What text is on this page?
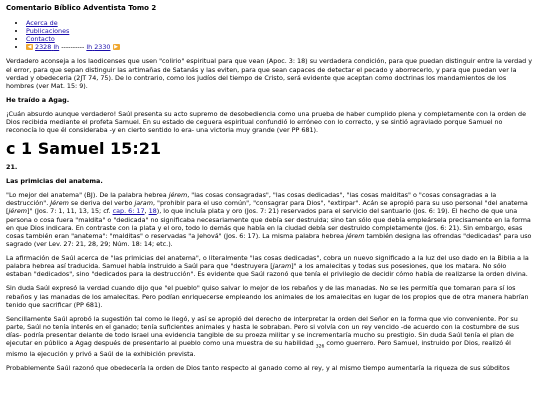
Comentario Bíblico Adventista Tomo 2
• Acerca de
• Publicaciones
• Contacto
• ◀ 2328 lh ---------- lh 2330 ▶

Verdadero aconseja a los laodicenses que usen "colirio" espiritual para que vean (Apoc. 3: 18) su verdadera condición, para que puedan distinguir entre la verdad y el error, para que sepan distinguir las artimañas de Satanás y las eviten, para que sean capaces de detectar el pecado y aborrecerlo, y para que puedan ver la verdad y obedecerla (2JT 74, 75). De lo contrario, como los judíos del tiempo de Cristo, será evidente que aceptan como doctrinas los mandamientos de los hombres (ver Mat. 15: 9).

He traído a Agag.

¡Cuán absurdo aunque verdadero! Saúl presenta su acto supremo de desobediencia como una prueba de haber cumplido plena y completamente con la orden de Dios recibida mediante el profeta Samuel. En su estado de ceguera espiritual confundió lo erróneo con lo correcto, y se sintió agraviado porque Samuel no reconocía lo que él consideraba -y en cierto sentido lo era- una victoria muy grande (ver PP 681).

c 1 Samuel 15:21
21.
Las primicias del anatema.

"Lo mejor del anatema" (BJ). De la palabra hebrea jérem, "las cosas consagradas", "las cosas dedicadas", "las cosas malditas" o "cosas consagradas a la destrucción". Jérem se deriva del verbo jaram, "prohibir para el uso común", "consagrar para Dios", "extirpar". Acán se apropió para su uso personal "del anatema [jérem]" (Jos. 7: 1, 11, 13, 15; cf. cap. 6: 17, 18), lo que incluía plata y oro (Jos. 7: 21) reservados para el servicio del santuario (Jos. 6: 19). El hecho de que una persona o cosa fuera "maldita" o "dedicada" no significaba necesariamente que debía ser destruida; sino tan sólo que debía empleársela precisamente en la forma en que Dios indicara. En contraste con la plata y el oro, todo lo demás que había en la ciudad debía ser destruido completamente (Jos. 6: 21). Sin embargo, esas cosas también eran "anatema": "malditas" o reservadas "a Jehová" (Jos. 6: 17). La misma palabra hebrea jérem también designa las ofrendas "dedicadas" para uso sagrado (ver Lev. 27: 21, 28, 29; Núm. 18: 14; etc.).

La afirmación de Saúl acerca de "las primicias del anatema", o literalmente "las cosas dedicadas", cobra un nuevo significado a la luz del uso dado en la Biblia a la palabra hebrea así traducida. Samuel había instruido a Saúl para que "destruyera [jaram]" a los amalecitas y todas sus posesiones, que los matara. No sólo estaban "dedicados", sino "dedicados para la destrucción". Es evidente que Saúl razonó que tenía el privilegio de decidir cómo había de realizarse la orden divina.

Sin duda Saúl expresó la verdad cuando dijo que "el pueblo" quiso salvar lo mejor de los rebaños y de las manadas. No se les permitía que tomaran para sí los rebaños y las manadas de los amalecitas. Pero podían enriquecerse empleando los animales de los amalecitas en lugar de los propios que de otra manera habrían tenido que sacrificar (PP 681).

Sencillamente Saúl aprobó la sugestión tal como le llegó, y así se apropió del derecho de interpretar la orden del Señor en la forma que vio conveniente. Por su parte, Saúl no tenía interés en el ganado; tenía suficientes animales y hasta le sobraban. Pero si volvía con un rey vencido -de acuerdo con la costumbre de sus días- podría presentar delante de todo Israel una evidencia tangible de su proeza militar y se incrementaría mucho su prestigio. Sin duda Saúl tenía el plan de ejecutar en público a Agag después de presentarlo al pueblo como una muestra de su habilidad $_{326}$ como guerrero. Pero Samuel, instruido por Dios, realizó él mismo la ejecución y privó a Saúl de la exhibición prevista.

Probablemente Saúl razonó que obedecería la orden de Dios tanto respecto al ganado como al rey, y al mismo tiempo aumentaría la riqueza de sus súbditos
